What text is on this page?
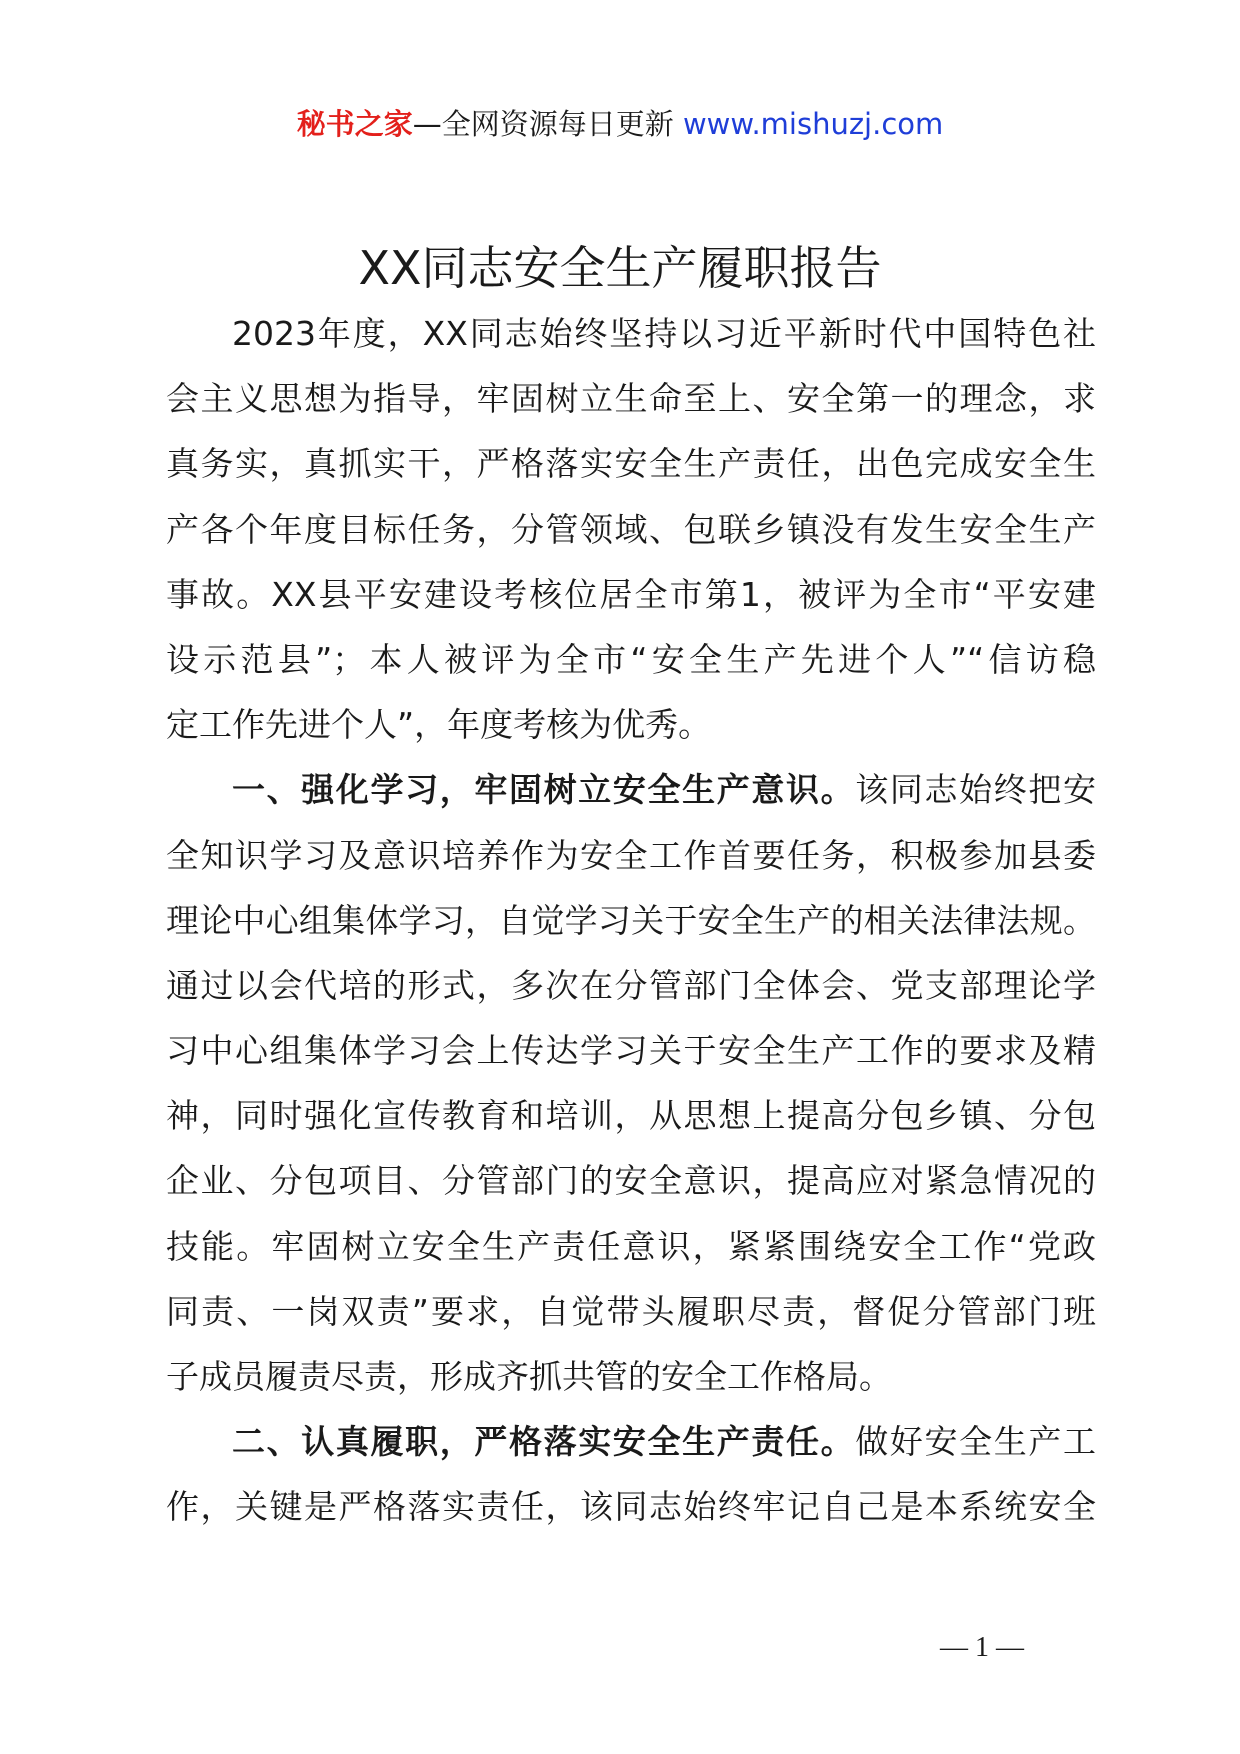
秘书之家—全网资源每日更新 www.mishuzj.com
XX同志安全生产履职报告
2023年度，XX同志始终坚持以习近平新时代中国特色社
会主义思想为指导，牢固树立生命至上、安全第一的理念，求
真务实，真抓实干，严格落实安全生产责任，出色完成安全生
产各个年度目标任务，分管领域、包联乡镇没有发生安全生产
事故。XX县平安建设考核位居全市第1，被评为全市“平安建
设示范县”；本人被评为全市“安全生产先进个人”“信访稳
定工作先进个人”，年度考核为优秀。
一、强化学习，牢固树立安全生产意识。该同志始终把安
全知识学习及意识培养作为安全工作首要任务，积极参加县委
理论中心组集体学习，自觉学习关于安全生产的相关法律法规。
通过以会代培的形式，多次在分管部门全体会、党支部理论学
习中心组集体学习会上传达学习关于安全生产工作的要求及精
神，同时强化宣传教育和培训，从思想上提高分包乡镇、分包
企业、分包项目、分管部门的安全意识，提高应对紧急情况的
技能。牢固树立安全生产责任意识，紧紧围绕安全工作“党政
同责、一岗双责”要求，自觉带头履职尽责，督促分管部门班
子成员履责尽责，形成齐抓共管的安全工作格局。
二、认真履职，严格落实安全生产责任。做好安全生产工
作，关键是严格落实责任，该同志始终牢记自己是本系统安全
— 1 —
